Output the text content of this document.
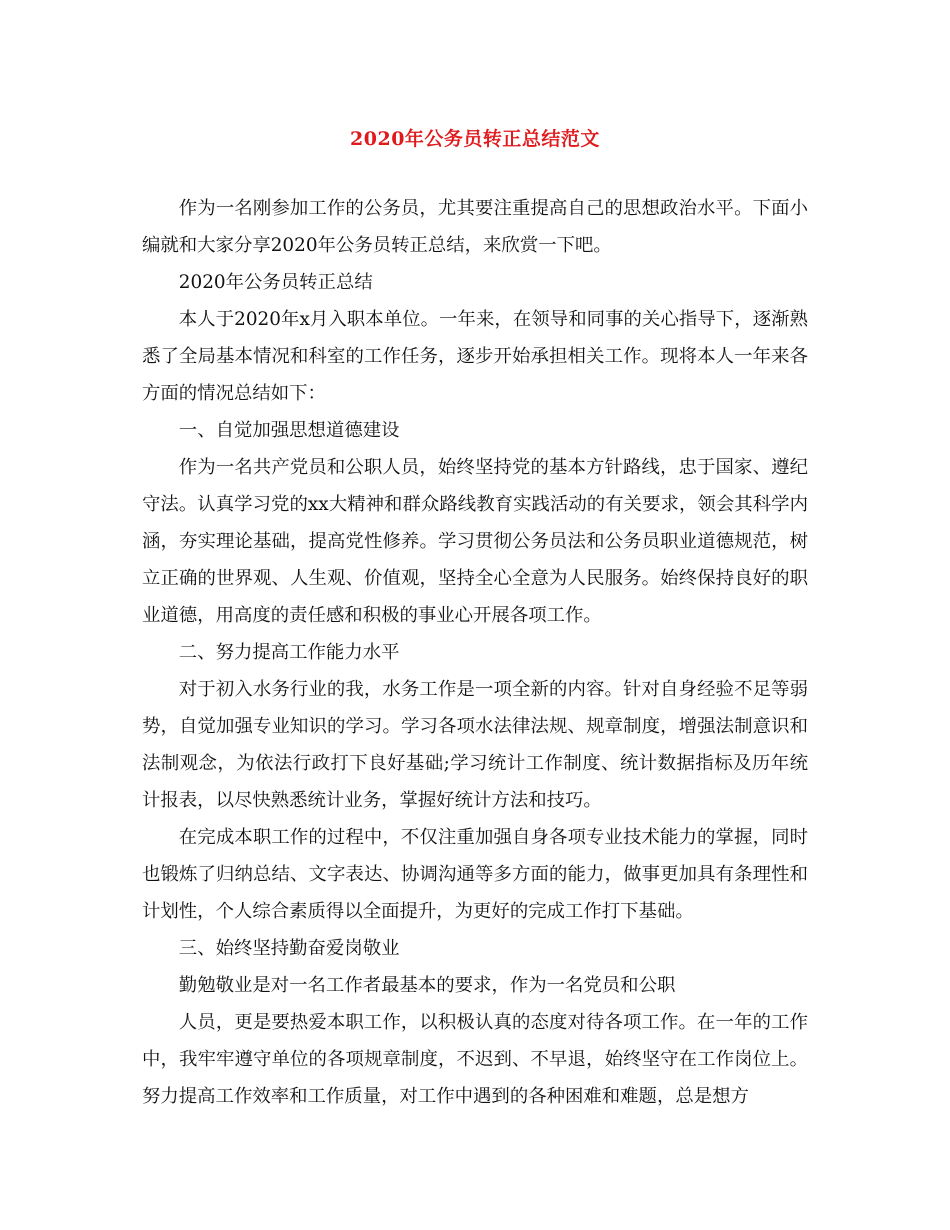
2020年公务员转正总结范文

作为一名刚参加工作的公务员，尤其要注重提高自己的思想政治水平。下面小编就和大家分享2020年公务员转正总结，来欣赏一下吧。

2020年公务员转正总结

本人于2020年x月入职本单位。一年来，在领导和同事的关心指导下，逐渐熟悉了全局基本情况和科室的工作任务，逐步开始承担相关工作。现将本人一年来各方面的情况总结如下：

一、自觉加强思想道德建设

作为一名共产党员和公职人员，始终坚持党的基本方针路线，忠于国家、遵纪守法。认真学习党的xx大精神和群众路线教育实践活动的有关要求，领会其科学内涵，夯实理论基础，提高党性修养。学习贯彻公务员法和公务员职业道德规范，树立正确的世界观、人生观、价值观，坚持全心全意为人民服务。始终保持良好的职业道德，用高度的责任感和积极的事业心开展各项工作。

二、努力提高工作能力水平

对于初入水务行业的我，水务工作是一项全新的内容。针对自身经验不足等弱势，自觉加强专业知识的学习。学习各项水法律法规、规章制度，增强法制意识和法制观念，为依法行政打下良好基础;学习统计工作制度、统计数据指标及历年统计报表，以尽快熟悉统计业务，掌握好统计方法和技巧。

在完成本职工作的过程中，不仅注重加强自身各项专业技术能力的掌握，同时也锻炼了归纳总结、文字表达、协调沟通等多方面的能力，做事更加具有条理性和计划性，个人综合素质得以全面提升，为更好的完成工作打下基础。

三、始终坚持勤奋爱岗敬业

勤勉敬业是对一名工作者最基本的要求，作为一名党员和公职

人员，更是要热爱本职工作，以积极认真的态度对待各项工作。在一年的工作中，我牢牢遵守单位的各项规章制度，不迟到、不早退，始终坚守在工作岗位上。努力提高工作效率和工作质量，对工作中遇到的各种困难和难题，总是想方
